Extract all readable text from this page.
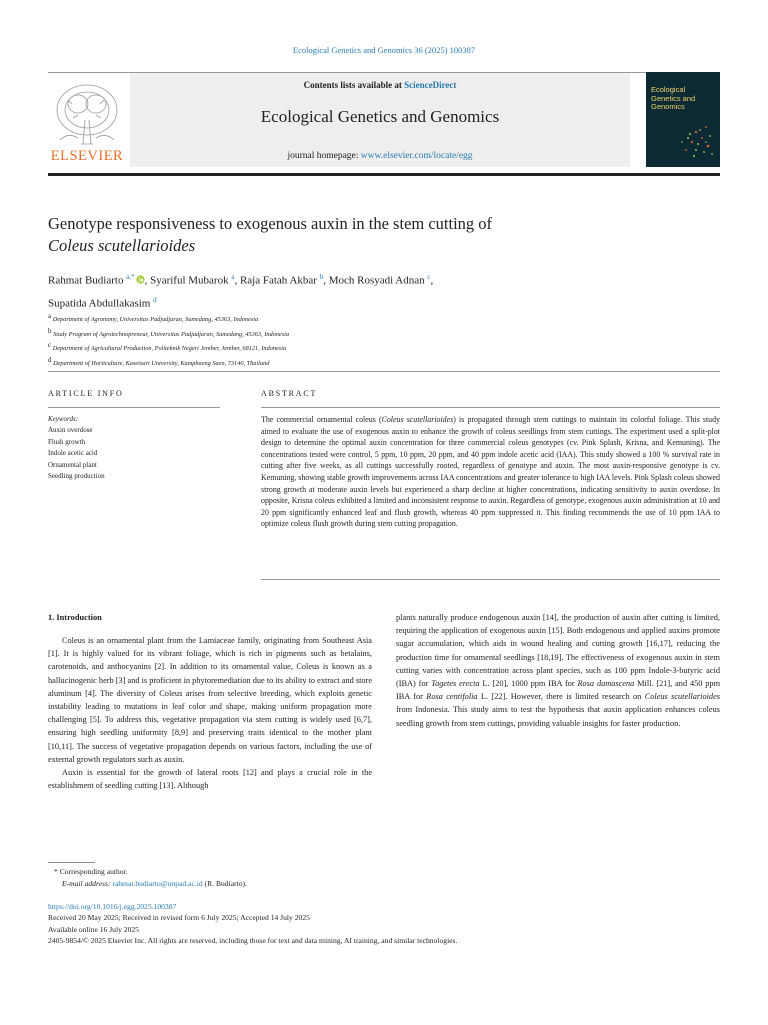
Ecological Genetics and Genomics 36 (2025) 100387
Contents lists available at ScienceDirect
Ecological Genetics and Genomics
journal homepage: www.elsevier.com/locate/egg
ELSEVIER
Ecological
Genetics and
Genomics
Genotype responsiveness to exogenous auxin in the stem cutting of
Coleus scutellarioides
Rahmat Budiarto $^{a,*}$ , Syariful Mubarok $^a$, Raja Fatah Akbar $^b$, Moch Rosyadi Adnan $^c$,
Supatida Abdullakasim $^d$
$^a$ Department of Agronomy, Universitas Padjadjaran, Sumedang, 45363, Indonesia
$^b$ Study Program of Agrotechnopreneur, Universitas Padjadjaran, Sumedang, 45363, Indonesia
$^c$ Department of Agricultural Production, Politeknik Negeri Jember, Jember, 68121, Indonesia
$^d$ Department of Horticulture, Kasetsart University, Kamphaeng Saen, 73140, Thailand
ARTICLE INFO	ABSTRACT
Keywords:
Auxin overdose
Flush growth
Indole acetic acid
Ornamental plant
Seedling production
The commercial ornamental coleus (Coleus scutellarioides) is propagated through stem cuttings to maintain its colorful foliage. This study aimed to evaluate the use of exogenous auxin to enhance the growth of coleus seedlings from stem cuttings. The experiment used a split-plot design to determine the optimal auxin concentration for three commercial coleus genotypes (cv. Pink Splash, Krisna, and Kemuning). The concentrations tested were control, 5 ppm, 10 ppm, 20 ppm, and 40 ppm indole acetic acid (IAA). This study showed a 100 % survival rate in cutting after five weeks, as all cuttings successfully rooted, regardless of genotype and auxin. The most auxin-responsive genotype is cv. Kemuning, showing stable growth improvements across IAA concentrations and greater tolerance to high IAA levels. Pink Splash coleus showed strong growth at moderate auxin levels but experienced a sharp decline at higher concentrations, indicating sensitivity to auxin overdose. In opposite, Krisna coleus exhibited a limited and inconsistent response to auxin. Regardless of genotype, exogenous auxin administration at 10 and 20 ppm significantly enhanced leaf and flush growth, whereas 40 ppm suppressed it. This finding recommends the use of 10 ppm IAA to optimize coleus flush growth during stem cutting propagation.
1. Introduction

Coleus is an ornamental plant from the Lamiaceae family, originating from Southeast Asia [1]. It is highly valued for its vibrant foliage, which is rich in pigments such as betalains, carotenoids, and anthocyanins [2]. In addition to its ornamental value, Coleus is known as a hallucinogenic herb [3] and is proficient in phytoremediation due to its ability to extract and store aluminum [4]. The diversity of Coleus arises from selective breeding, which exploits genetic instability leading to mutations in leaf color and shape, making uniform propagation more challenging [5]. To address this, vegetative propagation via stem cutting is widely used [6,7], ensuring high seedling uniformity [8,9] and preserving traits identical to the mother plant [10,11]. The success of vegetative propagation depends on various factors, including the use of external growth regulators such as auxin.

Auxin is essential for the growth of lateral roots [12] and plays a crucial role in the establishment of seedling cutting [13]. Although

plants naturally produce endogenous auxin [14], the production of auxin after cutting is limited, requiring the application of exogenous auxin [15]. Both endogenous and applied auxins promote sugar accumulation, which aids in wound healing and cutting growth [16,17], reducing the production time for ornamental seedlings [18,19]. The effectiveness of exogenous auxin in stem cutting varies with concentration across plant species, such as 100 ppm Indole-3-butyric acid (IBA) for Tagetes erecta L. [20], 1000 ppm IBA for Rosa damascena Mill. [21], and 450 ppm IBA for Rosa centifolia L. [22]. However, there is limited research on Coleus scutellarioides from Indonesia. This study aims to test the hypothesis that auxin application enhances coleus seedling growth from stem cuttings, providing valuable insights for faster production.

* Corresponding author.
E-mail address: rahmat.budiarto@unpad.ac.id (R. Budiarto).
https://doi.org/10.1016/j.egg.2025.100387
Received 20 May 2025; Received in revised form 6 July 2025; Accepted 14 July 2025
Available online 16 July 2025
2405-9854/© 2025 Elsevier Inc. All rights are reserved, including those for text and data mining, AI training, and similar technologies.
